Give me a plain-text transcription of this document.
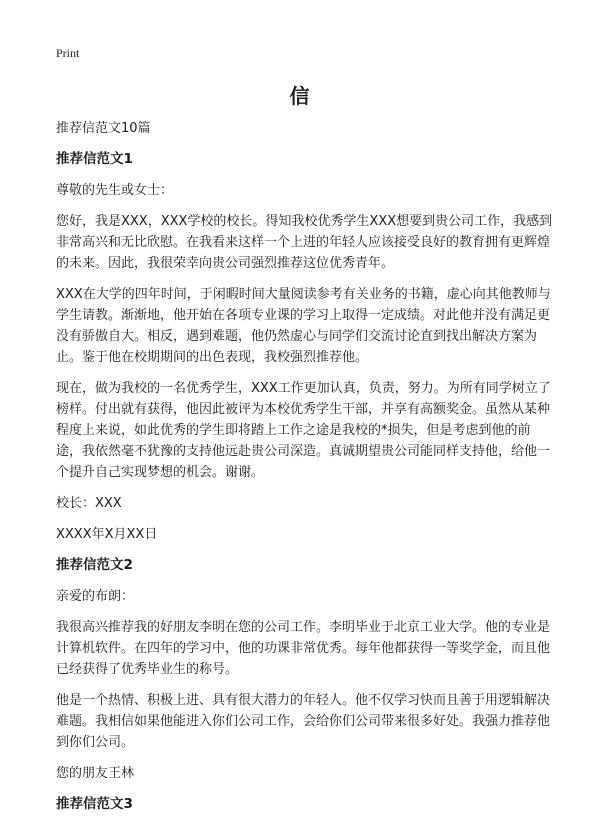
Print
信

推荐信范文10篇

推荐信范文1

尊敬的先生或女士：

您好，我是XXX，XXX学校的校长。得知我校优秀学生XXX想要到贵公司工作，我感到非常高兴和无比欣慰。在我看来这样一个上进的年轻人应该接受良好的教育拥有更辉煌的未来。因此，我很荣幸向贵公司强烈推荐这位优秀青年。

XXX在大学的四年时间，于闲暇时间大量阅读参考有关业务的书籍，虚心向其他教师与学生请教。渐渐地，他开始在各项专业课的学习上取得一定成绩。对此他并没有满足更没有骄傲自大。相反，遇到难题，他仍然虚心与同学们交流讨论直到找出解决方案为止。鉴于他在校期期间的出色表现，我校强烈推荐他。

现在，做为我校的一名优秀学生，XXX工作更加认真，负责，努力。为所有同学树立了榜样。付出就有获得，他因此被评为本校优秀学生干部，并享有高额奖金。虽然从某种程度上来说，如此优秀的学生即将踏上工作之途是我校的*损失，但是考虑到他的前途，我依然毫不犹豫的支持他远赴贵公司深造。真诚期望贵公司能同样支持他，给他一个提升自己实现梦想的机会。谢谢。

校长：XXX

XXXX年X月XX日

推荐信范文2

亲爱的布朗：

我很高兴推荐我的好朋友李明在您的公司工作。李明毕业于北京工业大学。他的专业是计算机软件。在四年的学习中，他的功课非常优秀。每年他都获得一等奖学金，而且他已经获得了优秀毕业生的称号。

他是一个热情、积极上进、具有很大潜力的年轻人。他不仅学习快而且善于用逻辑解决难题。我相信如果他能进入你们公司工作，会给你们公司带来很多好处。我强力推荐他到你们公司。

您的朋友王林

推荐信范文3
